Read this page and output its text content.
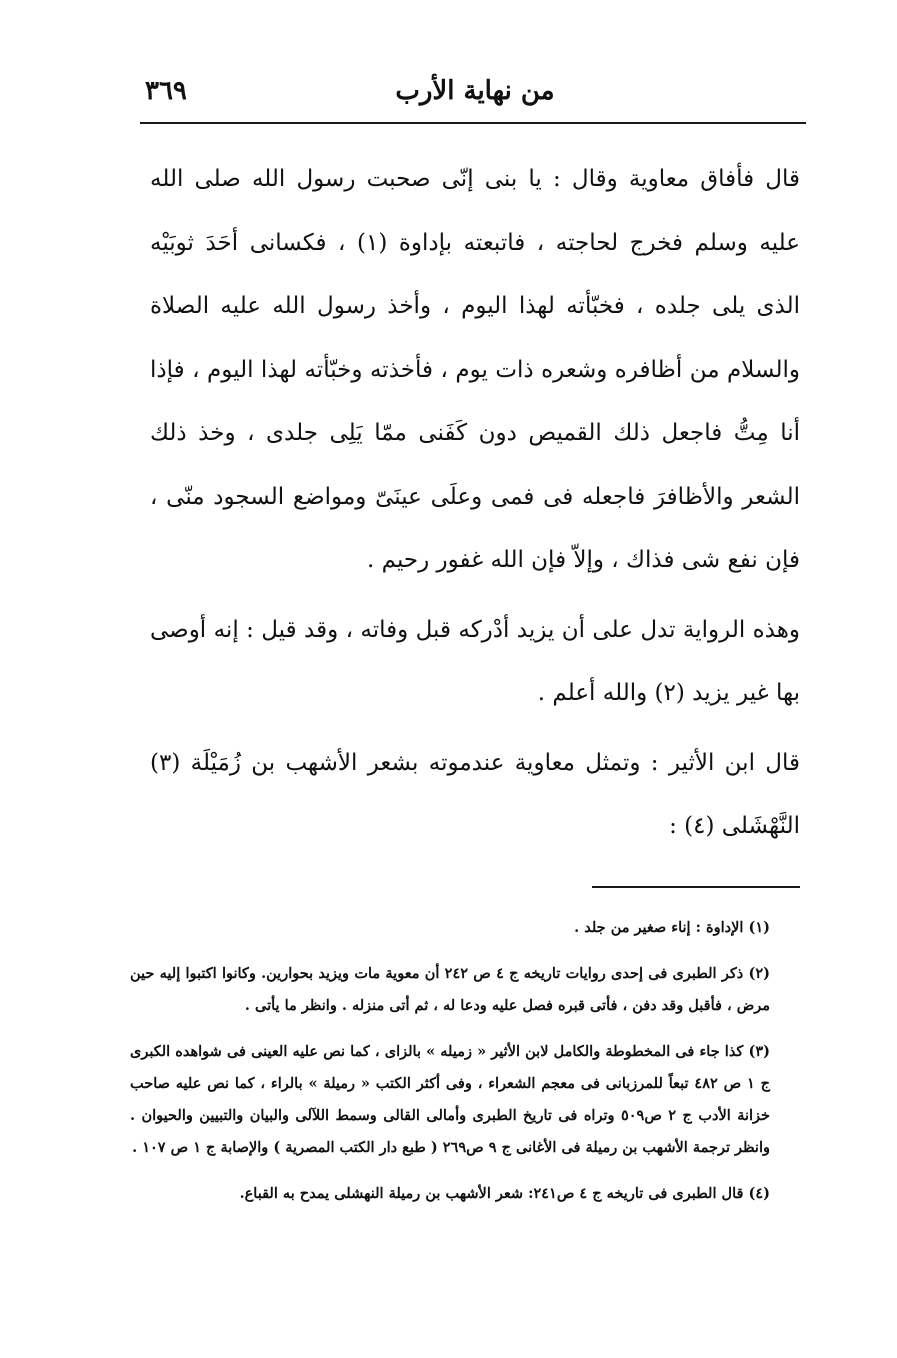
٣٦٩	من نهاية الأرب

قال فأفاق معاوية وقال : يا بنى إنّى صحبت رسول الله صلى الله عليه وسلم فخرج لحاجته ، فاتبعته بإداوة (١) ، فكسانى أحَدَ ثوبَيْه الذى يلى جلده ، فخبّأته لهذا اليوم ، وأخذ رسول الله عليه الصلاة والسلام من أظافره وشعره ذات يوم ، فأخذته وخبّأته لهذا اليوم ، فإذا أنا مِتُّ فاجعل ذلك القميص دون كَفَنى ممّا يَلِى جلدى ، وخذ ذلك الشعر والأظافرَ فاجعله فى فمى وعلَى عينَىّ ومواضع السجود منّى ، فإن نفع شى فذاك ، وإلاّ فإن الله غفور رحيم .

وهذه الرواية تدل على أن يزيد أدْركه قبل وفاته ، وقد قيل : إنه أوصى بها غير يزيد (٢) والله أعلم .

قال ابن الأثير : وتمثل معاوية عندموته بشعر الأشهب بن زُمَيْلَة (٣) النَّهْشَلى (٤) :

(١) الإداوة : إناء صغير من جلد .

(٢) ذكر الطبرى فى إحدى روايات تاريخه ج ٤ ص ٢٤٢ أن معوية مات ويزيد بحوارين. وكانوا اكتبوا إليه حين مرض ، فأقبل وقد دفن ، فأتى قبره فصل عليه ودعا له ، ثم أتى منزله . وانظر ما يأتى .

(٣) كذا جاء فى المخطوطة والكامل لابن الأثير « زميله » بالزاى ، كما نص عليه العينى فى شواهده الكبرى ج ١ ص ٤٨٢ تبعاً للمرزبانى فى معجم الشعراء ، وفى أكثر الكتب « رميلة » بالراء ، كما نص عليه صاحب خزانة الأدب ج ٢ ص٥٠٩ وتراه فى تاريخ الطبرى وأمالى القالى وسمط اللآلى والبيان والتبيين والحيوان . وانظر ترجمة الأشهب بن رميلة فى الأغانى ج ٩ ص٢٦٩ ( طبع دار الكتب المصرية ) والإصابة ج ١ ص ١٠٧ .

(٤) قال الطبرى فى تاريخه ج ٤ ص٢٤١: شعر الأشهب بن رميلة النهشلى يمدح به القباع.
